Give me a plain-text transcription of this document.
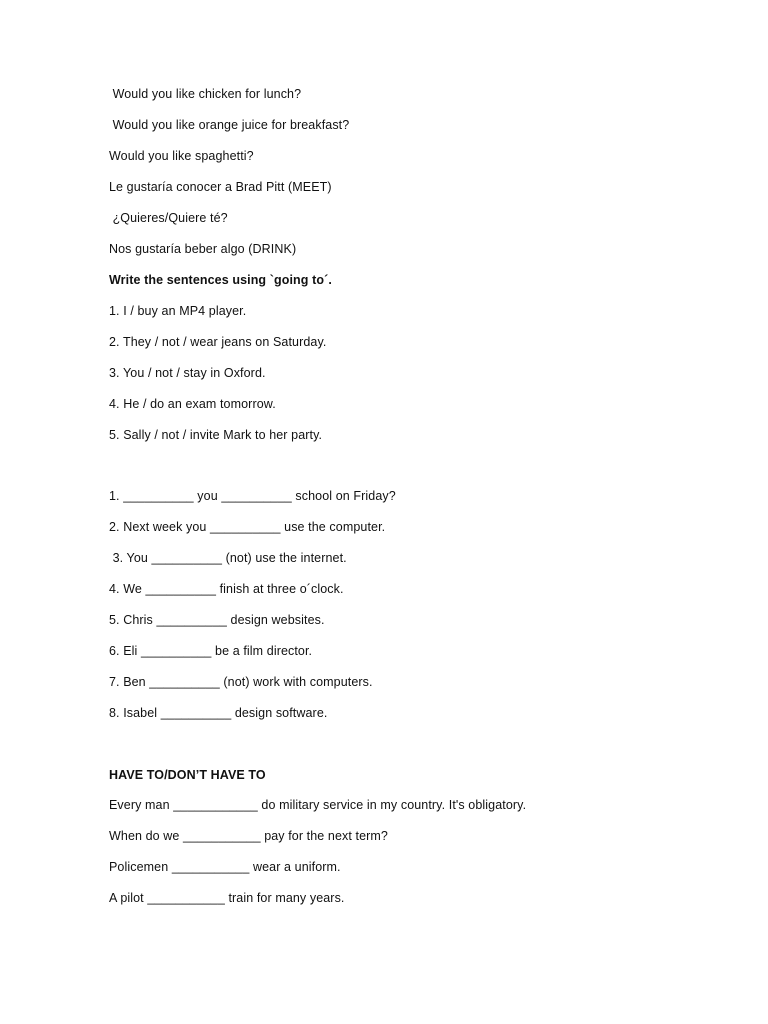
Would you like chicken for lunch?
Would you like orange juice for breakfast?
Would you like spaghetti?
Le gustaría conocer a Brad Pitt (MEET)
¿Quieres/Quiere té?
Nos gustaría beber algo (DRINK)
Write the sentences using `going to´.
1. I / buy an MP4 player.
2. They / not / wear jeans on Saturday.
3. You / not / stay in Oxford.
4. He / do an exam tomorrow.
5. Sally / not / invite Mark to her party.
1. __________ you __________ school on Friday?
2. Next week you __________ use the computer.
3. You __________ (not) use the internet.
4. We __________ finish at three o´clock.
5. Chris __________ design websites.
6. Eli __________ be a film director.
7. Ben __________ (not) work with computers.
8. Isabel __________ design software.
HAVE TO/DON’T HAVE TO
Every man ____________ do military service in my country. It's obligatory.
When do we ___________ pay for the next term?
Policemen ___________ wear a uniform.
A pilot ___________ train for many years.
